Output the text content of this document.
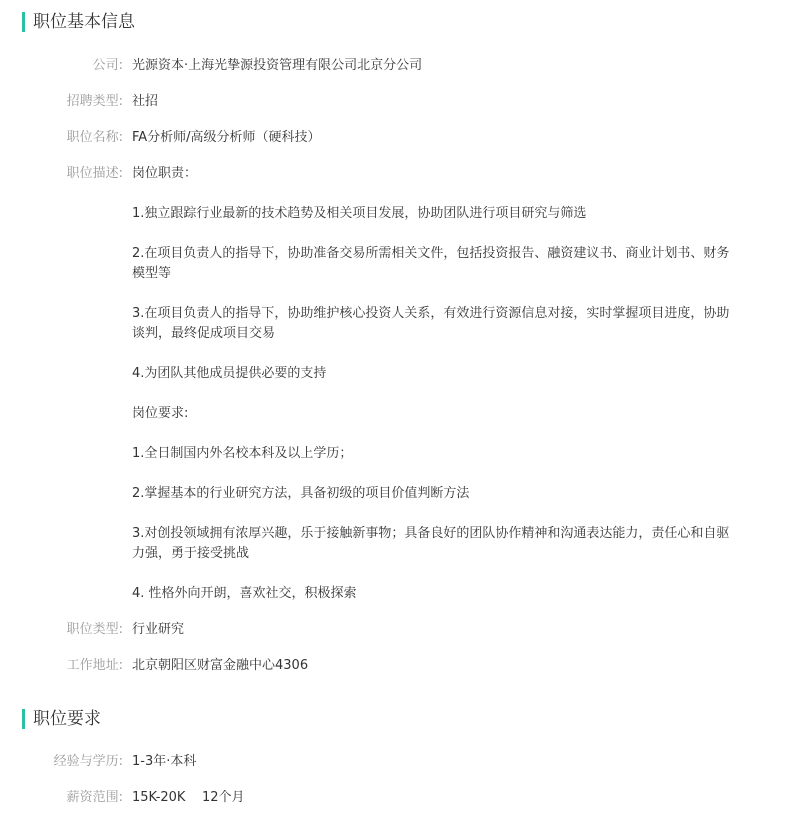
职位基本信息
公司: 光源资本·上海光挚源投资管理有限公司北京分公司
招聘类型: 社招
职位名称: FA分析师/高级分析师（硬科技）
职位描述: 岗位职责：
1.独立跟踪行业最新的技术趋势及相关项目发展，协助团队进行项目研究与筛选
2.在项目负责人的指导下，协助准备交易所需相关文件，包括投资报告、融资建议书、商业计划书、财务
模型等
3.在项目负责人的指导下，协助维护核心投资人关系，有效进行资源信息对接，实时掌握项目进度，协助
谈判，最终促成项目交易
4.为团队其他成员提供必要的支持
岗位要求:
1.全日制国内外名校本科及以上学历；
2.掌握基本的行业研究方法，具备初级的项目价值判断方法
3.对创投领域拥有浓厚兴趣，乐于接触新事物；具备良好的团队协作精神和沟通表达能力，责任心和自驱
力强，勇于接受挑战
4. 性格外向开朗，喜欢社交，积极探索
职位类型: 行业研究
工作地址: 北京朝阳区财富金融中心4306
职位要求
经验与学历: 1-3年·本科
薪资范围: 15K-20K    12个月
